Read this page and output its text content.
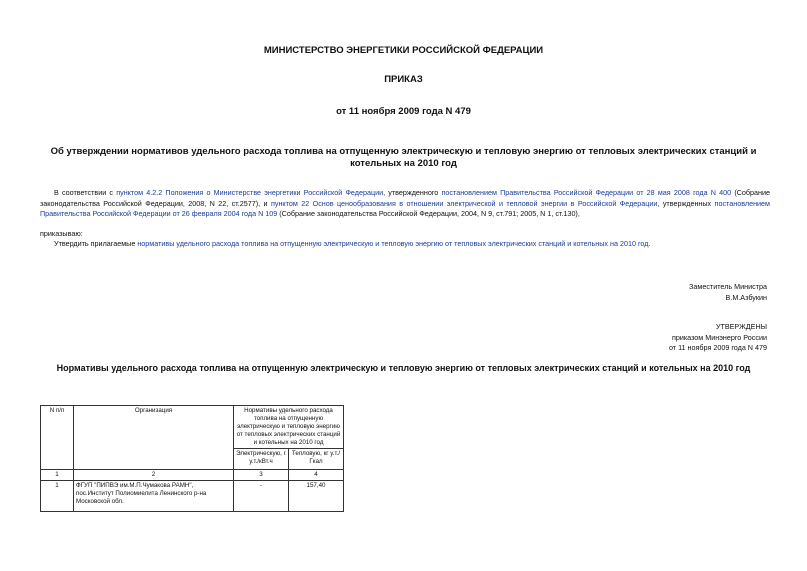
МИНИСТЕРСТВО ЭНЕРГЕТИКИ РОССИЙСКОЙ ФЕДЕРАЦИИ
ПРИКАЗ
от 11 ноября 2009 года N 479
Об утверждении нормативов удельного расхода топлива на отпущенную электрическую и тепловую энергию от тепловых электрических станций и котельных на 2010 год
В соответствии с пунктом 4.2.2 Положения о Министерстве энергетики Российской Федерации, утвержденного постановлением Правительства Российской Федерации от 28 мая 2008 года N 400 (Собрание законодательства Российской Федерации, 2008, N 22, ст.2577), и пунктом 22 Основ ценообразования в отношении электрической и тепловой энергии в Российской Федерации, утвержденных постановлением Правительства Российской Федерации от 26 февраля 2004 года N 109 (Собрание законодательства Российской Федерации, 2004, N 9, ст.791; 2005, N 1, ст.130),
приказываю:
Утвердить прилагаемые нормативы удельного расхода топлива на отпущенную электрическую и тепловую энергию от тепловых электрических станций и котельных на 2010 год.
Заместитель Министра
В.М.Азбукин
УТВЕРЖДЕНЫ
приказом Минэнерго России
от 11 ноября 2009 года N 479
Нормативы удельного расхода топлива на отпущенную электрическую и тепловую энергию от тепловых электрических станций и котельных на 2010 год
N п/п	Организация	Нормативы удельного расхода топлива на отпущенную электрическую и тепловую энергию от тепловых электрических станций и котельных на 2010 год	
		Электрическую, г у.т./кВт.ч	Тепловую, кг у.т./Гкал
1	2	3	4
1	ФГУП "ПИПВЭ им.М.П.Чумакова РАМН", пос.Институт Полиомиелита Ленинского р-на Московской обл.	-	157,40
